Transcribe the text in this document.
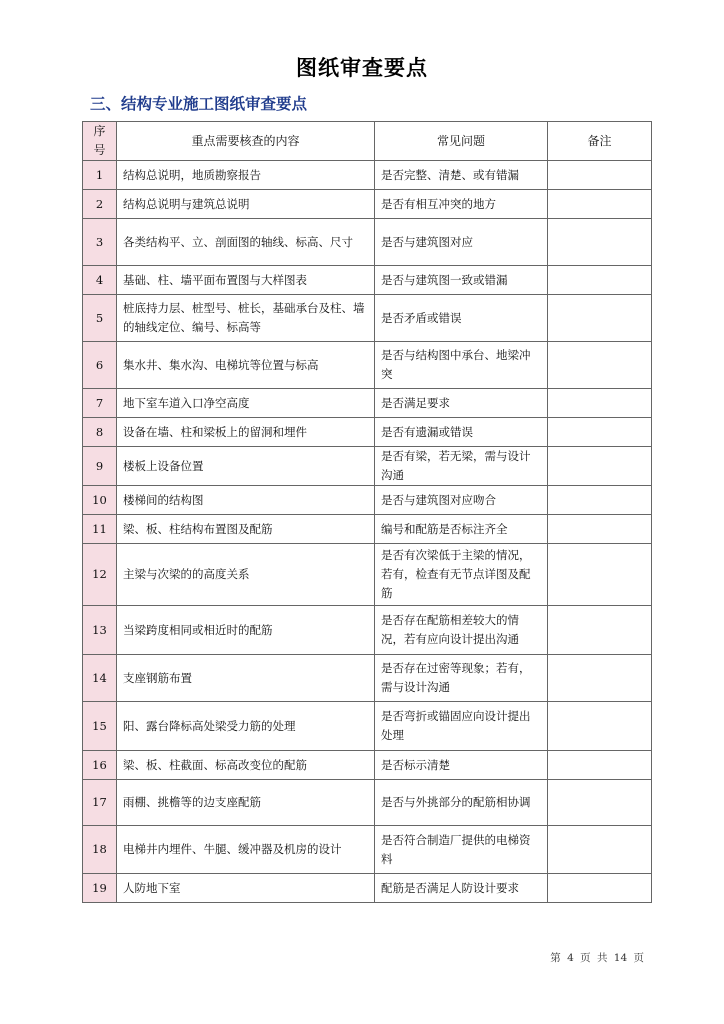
图纸审查要点
三、结构专业施工图纸审查要点
序号	重点需要核查的内容	常见问题	备注
1	结构总说明，地质勘察报告	是否完整、清楚、或有错漏	
2	结构总说明与建筑总说明	是否有相互冲突的地方	
3	各类结构平、立、剖面图的轴线、标高、尺寸	是否与建筑图对应	
4	基础、柱、墙平面布置图与大样图表	是否与建筑图一致或错漏	
5	桩底持力层、桩型号、桩长，基础承台及柱、墙的轴线定位、编号、标高等	是否矛盾或错误	
6	集水井、集水沟、电梯坑等位置与标高	是否与结构图中承台、地梁冲突	
7	地下室车道入口净空高度	是否满足要求	
8	设备在墙、柱和梁板上的留洞和埋件	是否有遗漏或错误	
9	楼板上设备位置	是否有梁，若无梁，需与设计沟通	
10	楼梯间的结构图	是否与建筑图对应吻合	
11	梁、板、柱结构布置图及配筋	编号和配筋是否标注齐全	
12	主梁与次梁的的高度关系	是否有次梁低于主梁的情况，若有，检查有无节点详图及配筋	
13	当梁跨度相同或相近时的配筋	是否存在配筋相差较大的情况，若有应向设计提出沟通	
14	支座钢筋布置	是否存在过密等现象；若有，需与设计沟通	
15	阳、露台降标高处梁受力筋的处理	是否弯折或锚固应向设计提出处理	
16	梁、板、柱截面、标高改变位的配筋	是否标示清楚	
17	雨棚、挑檐等的边支座配筋	是否与外挑部分的配筋相协调	
18	电梯井内埋件、牛腿、缓冲器及机房的设计	是否符合制造厂提供的电梯资料	
19	人防地下室	配筋是否满足人防设计要求	
第 4 页 共 14 页
